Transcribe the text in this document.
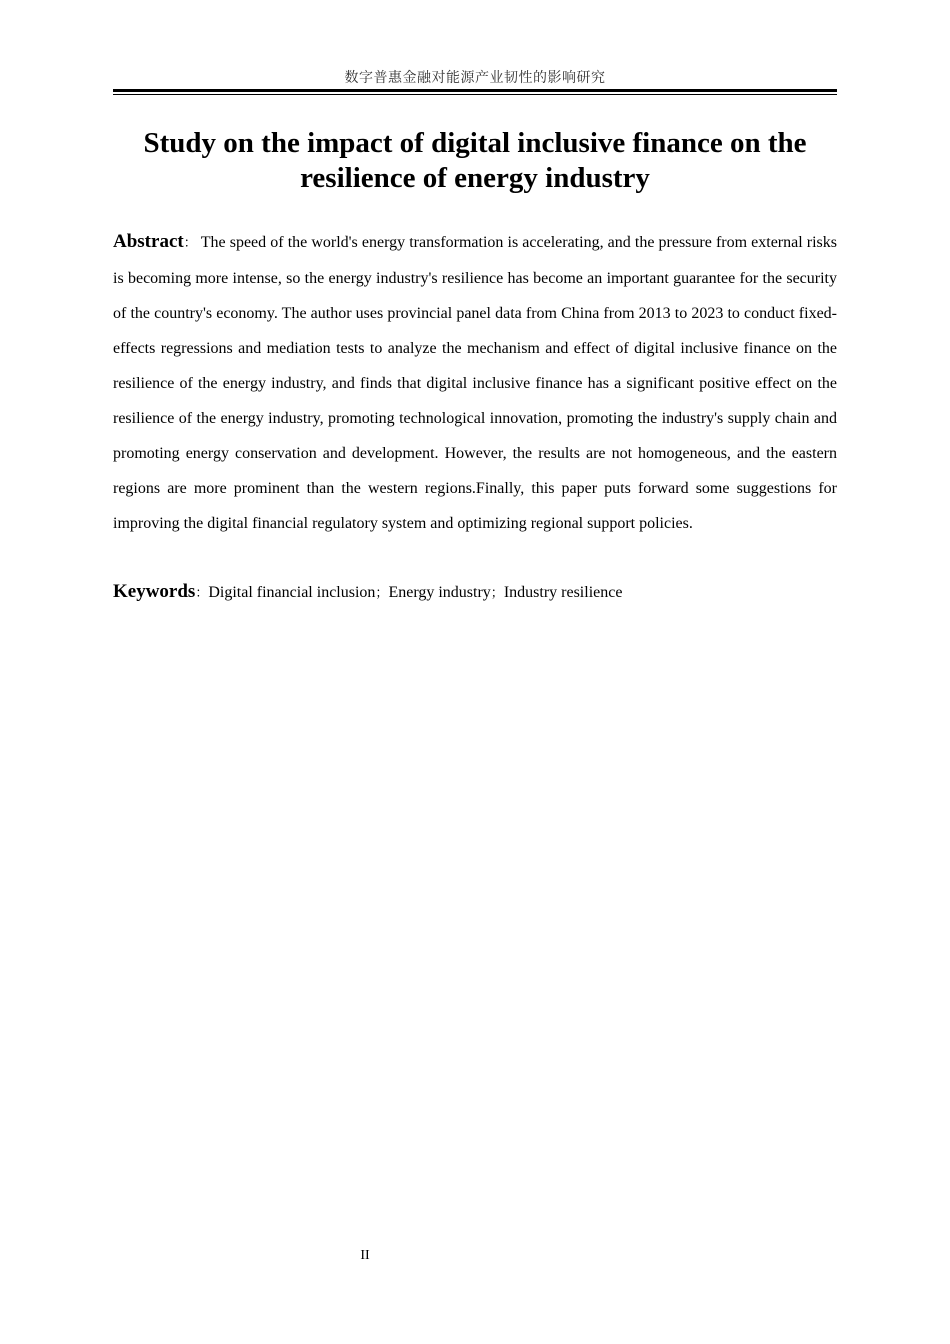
数字普惠金融对能源产业韧性的影响研究
Study on the impact of digital inclusive finance on the
resilience of energy industry

Abstract： The speed of the world's energy transformation is accelerating, and the pressure from external risks is becoming more intense, so the energy industry's resilience has become an important guarantee for the security of the country's economy. The author uses provincial panel data from China from 2013 to 2023 to conduct fixed-effects regressions and mediation tests to analyze the mechanism and effect of digital inclusive finance on the resilience of the energy industry, and finds that digital inclusive finance has a significant positive effect on the resilience of the energy industry, promoting technological innovation, promoting the industry's supply chain and promoting energy conservation and development. However, the results are not homogeneous, and the eastern regions are more prominent than the western regions.Finally, this paper puts forward some suggestions for improving the digital financial regulatory system and optimizing regional support policies.

Keywords：Digital financial inclusion；Energy industry；Industry resilience

II
